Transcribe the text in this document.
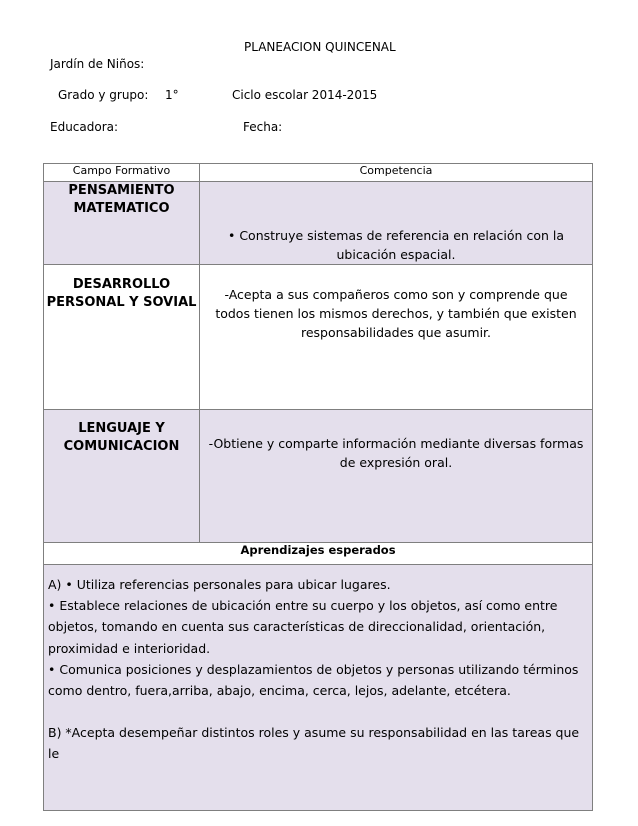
PLANEACION QUINCENAL
Jardín de Niños:
Grado y grupo: 1°	Ciclo escolar 2014-2015
Educadora:	Fecha:
Campo Formativo	Competencia
PENSAMIENTO MATEMATICO	• Construye sistemas de referencia en relación con la ubicación espacial.

DESARROLLO PERSONAL Y SOVIAL	-Acepta a sus compañeros como son y comprende que todos tienen los mismos derechos, y también que existen responsabilidades que asumir.

LENGUAJE Y COMUNICACION	-Obtiene y comparte información mediante diversas formas de expresión oral.

Aprendizajes esperados	

A) • Utiliza referencias personales para ubicar lugares.

• Establece relaciones de ubicación entre su cuerpo y los objetos, así como entre objetos, tomando en cuenta sus características de direccionalidad, orientación, proximidad e interioridad.

• Comunica posiciones y desplazamientos de objetos y personas utilizando términos como dentro, fuera,arriba, abajo, encima, cerca, lejos, adelante, etcétera.

B) *Acepta desempeñar distintos roles y asume su responsabilidad en las tareas que le	
